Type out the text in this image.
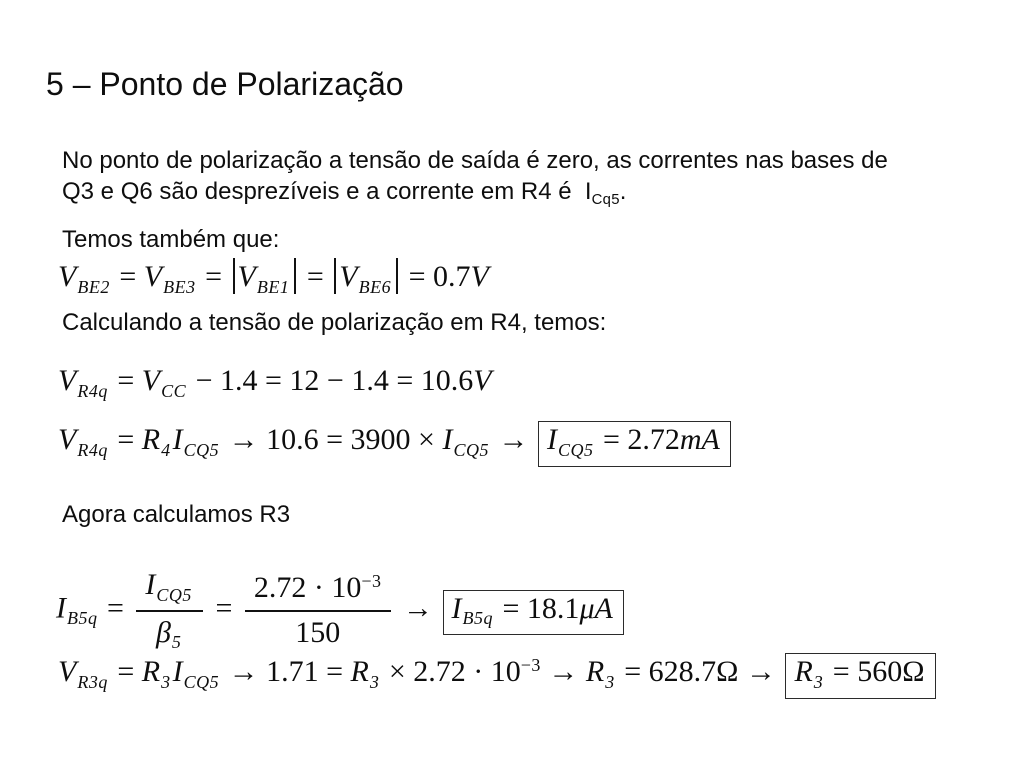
5 – Ponto de Polarização
No ponto de polarização a tensão de saída é zero, as correntes nas bases de
Q3 e Q6 são desprezíveis e a corrente em R4 é  ICq5.
Temos também que:
$V_{BE2} = V_{BE3} = V_{BE1} = V_{BE6} = 0.7V$
Calculando a tensão de polarização em R4, temos:
$V_{R4q} = V_{CC} - 1.4 = 12 - 1.4 = 10.6V$
$V_{R4q} = R_4I_{CQ5} \to 10.6 = 3900 \times I_{CQ5} \to I_{CQ5} = 2.72mA$
Agora calculamos R3
$I_{B5q} = \frac{I_{CQ5}}{\beta_5} = \frac{2.72 \cdot 10^{-3}}{150} \to I_{B5q} = 18.1\mu A$
$V_{R3q} = R_3I_{CQ5} \to 1.71 = R_3 \times 2.72 \cdot 10^{-3} \to R_3 = 628.7\Omega \to R_3 = 560\Omega$
